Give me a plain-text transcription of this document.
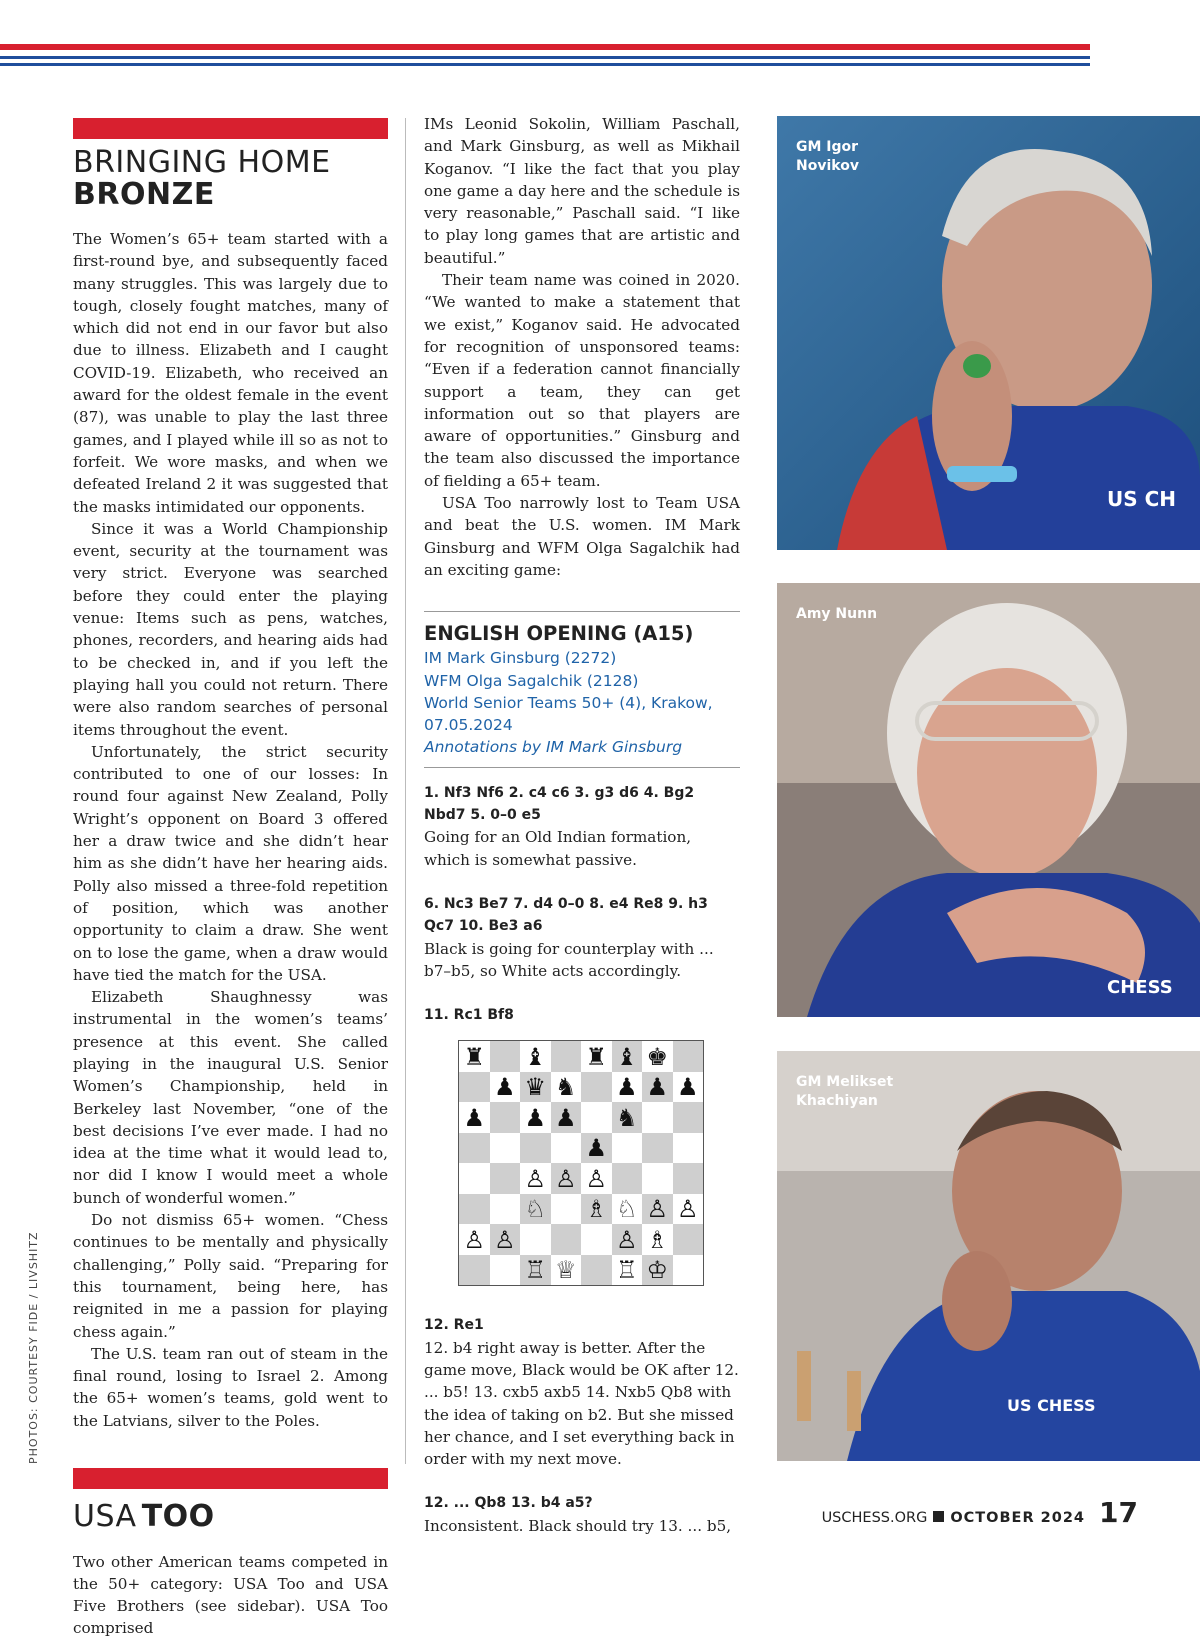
PHOTOS: COURTESY FIDE / LIVSHITZ
BRINGING HOME
BRONZE

The Women’s 65+ team started with a first-round bye, and subsequently faced many struggles. This was largely due to tough, closely fought matches, many of which did not end in our favor but also due to illness. Elizabeth and I caught COVID-19. Elizabeth, who received an award for the oldest female in the event (87), was unable to play the last three games, and I played while ill so as not to forfeit. We wore masks, and when we defeated Ireland 2 it was suggested that the masks intimidated our opponents.

Since it was a World Championship event, security at the tournament was very strict. Everyone was searched before they could enter the playing venue: Items such as pens, watches, phones, recorders, and hearing aids had to be checked in, and if you left the playing hall you could not return. There were also random searches of personal items throughout the event.

Unfortunately, the strict security contributed to one of our losses: In round four against New Zealand, Polly Wright’s opponent on Board 3 offered her a draw twice and she didn’t hear him as she didn’t have her hearing aids. Polly also missed a three-fold repetition of position, which was another opportunity to claim a draw. She went on to lose the game, when a draw would have tied the match for the USA.

Elizabeth Shaughnessy was instrumental in the women’s teams’ presence at this event. She called playing in the inaugural U.S. Senior Women’s Championship, held in Berkeley last November, “one of the best decisions I’ve ever made. I had no idea at the time what it would lead to, nor did I know I would meet a whole bunch of wonderful women.”

Do not dismiss 65+ women. “Chess continues to be mentally and physically challenging,” Polly said. “Preparing for this tournament, being here, has reignited in me a passion for playing chess again.”

The U.S. team ran out of steam in the final round, losing to Israel 2. Among the 65+ women’s teams, gold went to the Latvians, silver to the Poles.

USA TOO

Two other American teams competed in the 50+ category: USA Too and USA Five Brothers (see sidebar). USA Too comprised

IMs Leonid Sokolin, William Paschall, and Mark Ginsburg, as well as Mikhail Koganov. “I like the fact that you play one game a day here and the schedule is very reasonable,” Paschall said. “I like to play long games that are artistic and beautiful.”

Their team name was coined in 2020. “We wanted to make a statement that we exist,” Koganov said. He advocated for recognition of unsponsored teams: “Even if a federation cannot financially support a team, they can get information out so that players are aware of opportunities.” Ginsburg and the team also discussed the importance of fielding a 65+ team.

USA Too narrowly lost to Team USA and beat the U.S. women. IM Mark Ginsburg and WFM Olga Sagalchik had an exciting game:

ENGLISH OPENING (A15)
IM Mark Ginsburg (2272)
WFM Olga Sagalchik (2128)
World Senior Teams 50+ (4), Krakow,
07.05.2024
Annotations by IM Mark Ginsburg
1. Nf3 Nf6 2. c4 c6 3. g3 d6 4. Bg2 Nbd7 5. 0–0 e5
Going for an Old Indian formation, which is somewhat passive.
6. Nc3 Be7 7. d4 0–0 8. e4 Re8 9. h3 Qc7 10. Be3 a6
Black is going for counterplay with ... b7–b5, so White acts accordingly.
11. Rc1 Bf8
♜ ♝ ♜ ♝ ♚
♟ ♛ ♞ ♟ ♟ ♟
♟ ♟ ♟ ♞
♟
♙ ♙ ♙
♘ ♗ ♘ ♙ ♙
♙ ♙	♙ ♗
♖ ♕ ♖ ♔
12. Re1
12. b4 right away is better. After the game move, Black would be OK after 12. ... b5! 13. cxb5 axb5 14. Nxb5 Qb8 with the idea of taking on b2. But she missed her chance, and I set everything back in order with my next move.
12. ... Qb8 13. b4 a5?
Inconsistent. Black should try 13. ... b5,
US CH
GM Igor
Novikov
CHESS
Amy Nunn
US CHESS
GM Melikset
Khachiyan
USCHESS.ORG OCTOBER 2024 17
